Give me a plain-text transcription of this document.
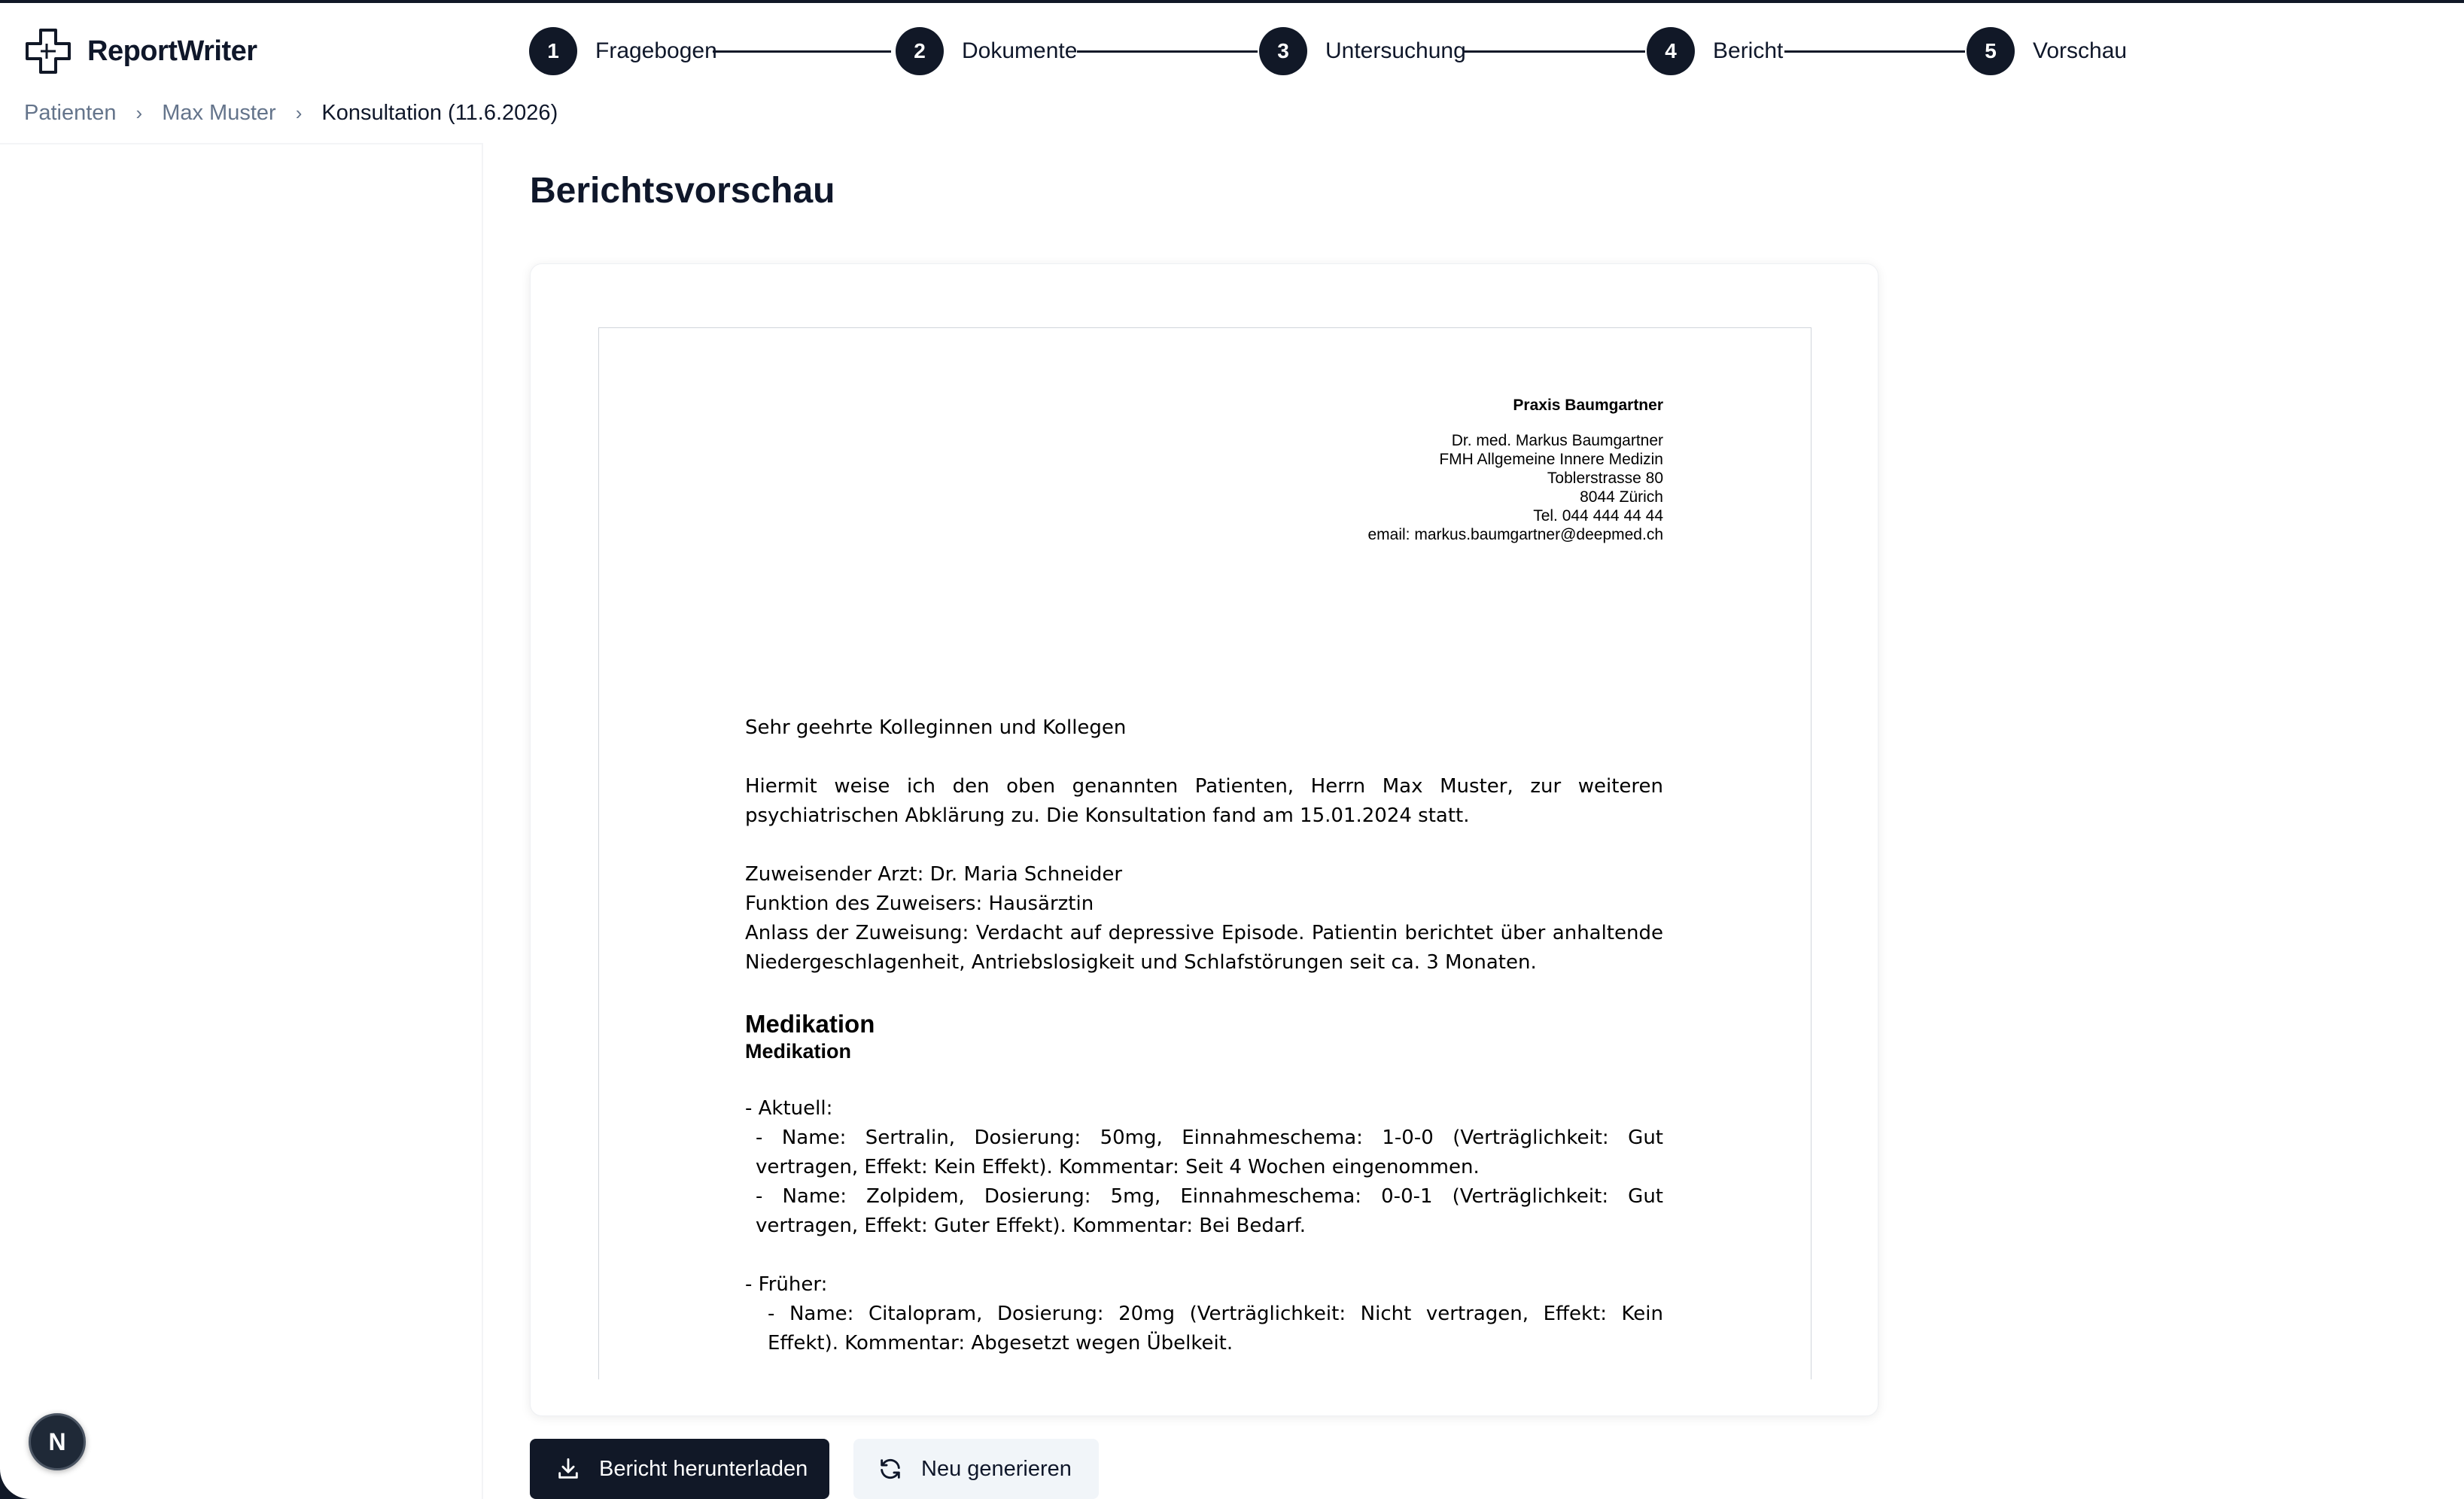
ReportWriter	1	Fragebogen	2	Dokumente	3	Untersuchung	4	Bericht	5	Vorschau
Patienten › Max Muster › Konsultation (11.6.2026)
Berichtsvorschau
Praxis Baumgartner
Dr. med. Markus Baumgartner
FMH Allgemeine Innere Medizin
Toblerstrasse 80
8044 Zürich
Tel. 044 444 44 44
email: markus.baumgartner@deepmed.ch

Sehr geehrte Kolleginnen und Kollegen

Hiermit weise ich den oben genannten Patienten, Herrn Max Muster, zur weiteren psychiatrischen Abklärung zu. Die Konsultation fand am 15.01.2024 statt.

Zuweisender Arzt: Dr. Maria Schneider

Funktion des Zuweisers: Hausärztin

Anlass der Zuweisung: Verdacht auf depressive Episode. Patientin berichtet über anhaltende Niedergeschlagenheit, Antriebslosigkeit und Schlafstörungen seit ca. 3 Monaten.

Medikation
Medikation

- Aktuell:

- Name: Sertralin, Dosierung: 50mg, Einnahmeschema: 1-0-0 (Verträglichkeit: Gut vertragen, Effekt: Kein Effekt). Kommentar: Seit 4 Wochen eingenommen.

- Name: Zolpidem, Dosierung: 5mg, Einnahmeschema: 0-0-1 (Verträglichkeit: Gut vertragen, Effekt: Guter Effekt). Kommentar: Bei Bedarf.

- Früher:

- Name: Citalopram, Dosierung: 20mg (Verträglichkeit: Nicht vertragen, Effekt: Kein Effekt). Kommentar: Abgesetzt wegen Übelkeit.

Bericht herunterladen	Neu generieren
N
